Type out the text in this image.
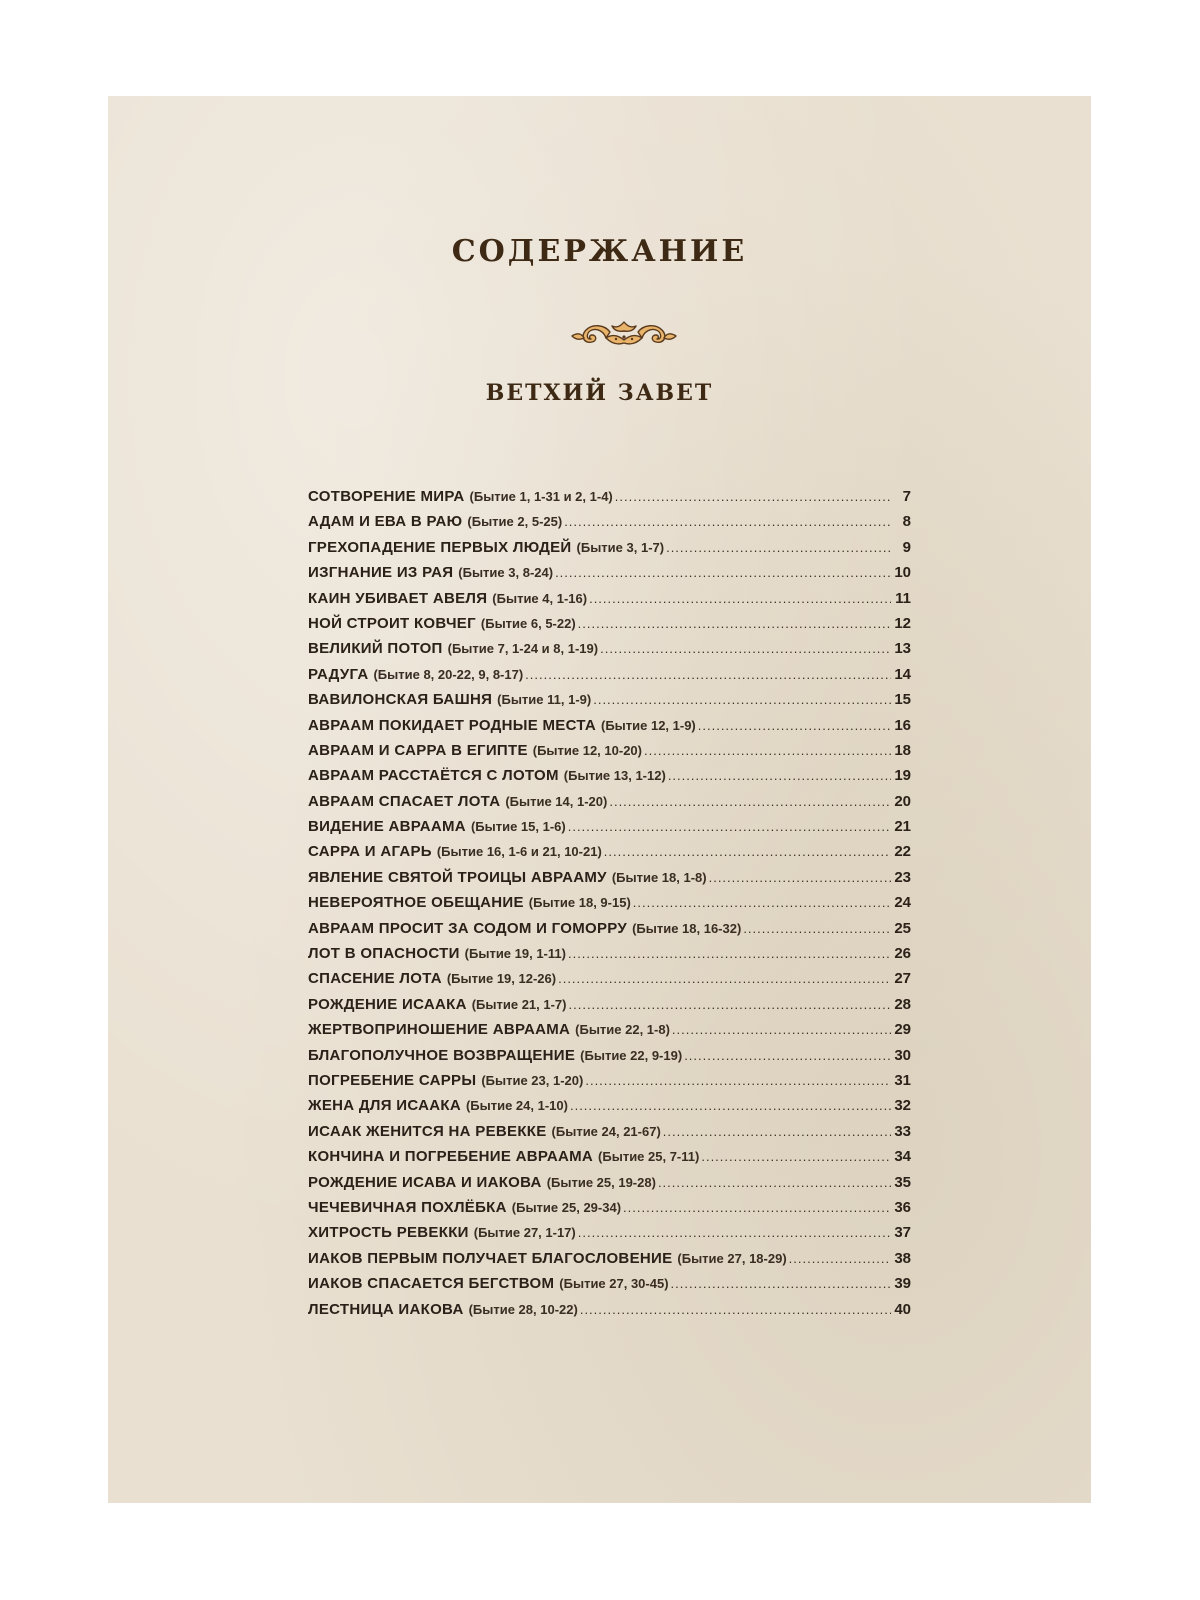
СОДЕРЖАНИЕ
ВЕТХИЙ ЗАВЕТ
СОТВОРЕНИЕ МИРА (Бытие 1, 1-31 и 2, 1-4) .....	7
АДАМ И ЕВА В РАЮ (Бытие 2, 5-25) .....	8
ГРЕХОПАДЕНИЕ ПЕРВЫХ ЛЮДЕЙ (Бытие 3, 1-7) .....	9
ИЗГНАНИЕ ИЗ РАЯ (Бытие 3, 8-24) .....	10
КАИН УБИВАЕТ АВЕЛЯ (Бытие 4, 1-16) .....	11
НОЙ СТРОИТ КОВЧЕГ (Бытие 6, 5-22) .....	12
ВЕЛИКИЙ ПОТОП (Бытие 7, 1-24 и 8, 1-19) .....	13
РАДУГА (Бытие 8, 20-22, 9, 8-17) .....	14
ВАВИЛОНСКАЯ БАШНЯ (Бытие 11, 1-9) .....	15
АВРААМ ПОКИДАЕТ РОДНЫЕ МЕСТА (Бытие 12, 1-9) .....	16
АВРААМ И САРРА В ЕГИПТЕ (Бытие 12, 10-20) .....	18
АВРААМ РАССТАЁТСЯ С ЛОТОМ (Бытие 13, 1-12) .....	19
АВРААМ СПАСАЕТ ЛОТА (Бытие 14, 1-20) .....	20
ВИДЕНИЕ АВРААМА (Бытие 15, 1-6) .....	21
САРРА И АГАРЬ (Бытие 16, 1-6 и 21, 10-21) .....	22
ЯВЛЕНИЕ СВЯТОЙ ТРОИЦЫ АВРААМУ (Бытие 18, 1-8) .....	23
НЕВЕРОЯТНОЕ ОБЕЩАНИЕ (Бытие 18, 9-15) .....	24
АВРААМ ПРОСИТ ЗА СОДОМ И ГОМОРРУ (Бытие 18, 16-32) .....	25
ЛОТ В ОПАСНОСТИ (Бытие 19, 1-11) .....	26
СПАСЕНИЕ ЛОТА (Бытие 19, 12-26) .....	27
РОЖДЕНИЕ ИСААКА (Бытие 21, 1-7) .....	28
ЖЕРТВОПРИНОШЕНИЕ АВРААМА (Бытие 22, 1-8) .....	29
БЛАГОПОЛУЧНОЕ ВОЗВРАЩЕНИЕ (Бытие 22, 9-19) .....	30
ПОГРЕБЕНИЕ САРРЫ (Бытие 23, 1-20) .....	31
ЖЕНА ДЛЯ ИСААКА (Бытие 24, 1-10) .....	32
ИСААК ЖЕНИТСЯ НА РЕВЕККЕ (Бытие 24, 21-67) .....	33
КОНЧИНА И ПОГРЕБЕНИЕ АВРААМА (Бытие 25, 7-11) .....	34
РОЖДЕНИЕ ИСАВА И ИАКОВА (Бытие 25, 19-28) .....	35
ЧЕЧЕВИЧНАЯ ПОХЛЁБКА (Бытие 25, 29-34) .....	36
ХИТРОСТЬ РЕВЕККИ (Бытие 27, 1-17) .....	37
ИАКОВ ПЕРВЫМ ПОЛУЧАЕТ БЛАГОСЛОВЕНИЕ (Бытие 27, 18-29) .....	38
ИАКОВ СПАСАЕТСЯ БЕГСТВОМ (Бытие 27, 30-45) .....	39
ЛЕСТНИЦА ИАКОВА (Бытие 28, 10-22) .....	40
